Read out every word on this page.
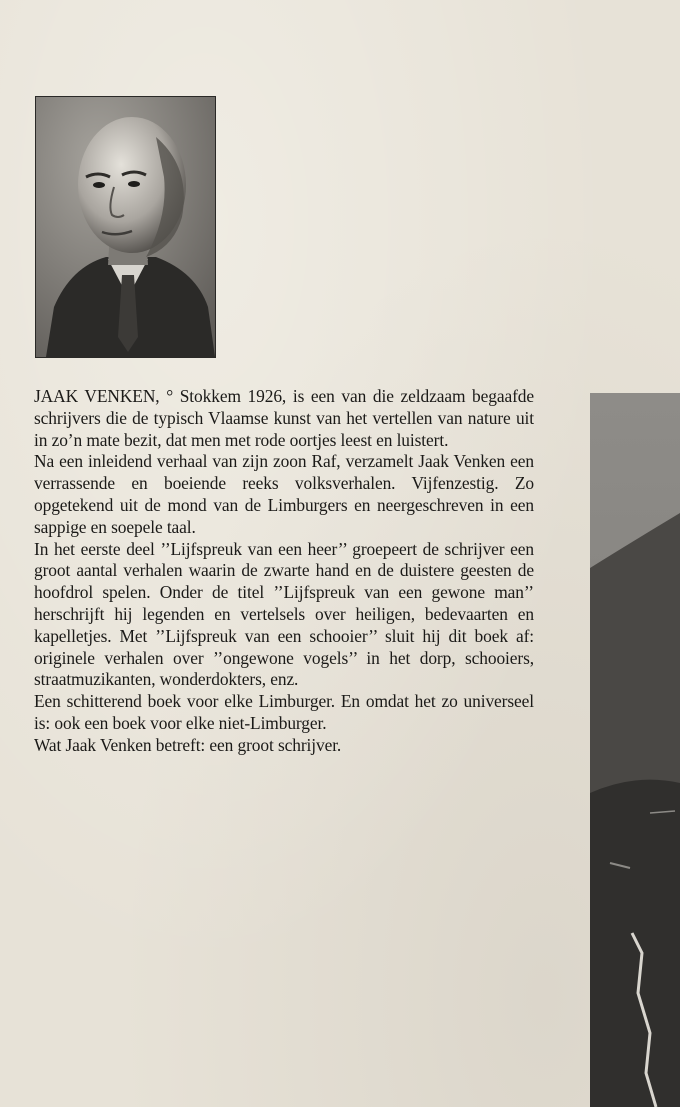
JAAK VENKEN, ° Stokkem 1926, is een van die zeldzaam begaafde schrijvers die de typisch Vlaamse kunst van het vertellen van nature uit in zo’n mate bezit, dat men met rode oortjes leest en luistert.

Na een inleidend verhaal van zijn zoon Raf, verzamelt Jaak Venken een verrassende en boeiende reeks volksverhalen. Vijfenzestig. Zo opgetekend uit de mond van de Limburgers en neergeschreven in een sappige en soepele taal.

In het eerste deel ’’Lijfspreuk van een heer’’ groepeert de schrijver een groot aantal verhalen waarin de zwarte hand en de duistere geesten de hoofdrol spelen. Onder de titel ’’Lijfspreuk van een gewone man’’ herschrijft hij legenden en vertelsels over heiligen, bedevaarten en kapelletjes. Met ’’Lijfspreuk van een schooier’’ sluit hij dit boek af: originele verhalen over ’’ongewone vogels’’ in het dorp, schooiers, straatmuzikanten, wonderdokters, enz.

Een schitterend boek voor elke Limburger. En omdat het zo universeel is: ook een boek voor elke niet-Limburger.

Wat Jaak Venken betreft: een groot schrijver.
